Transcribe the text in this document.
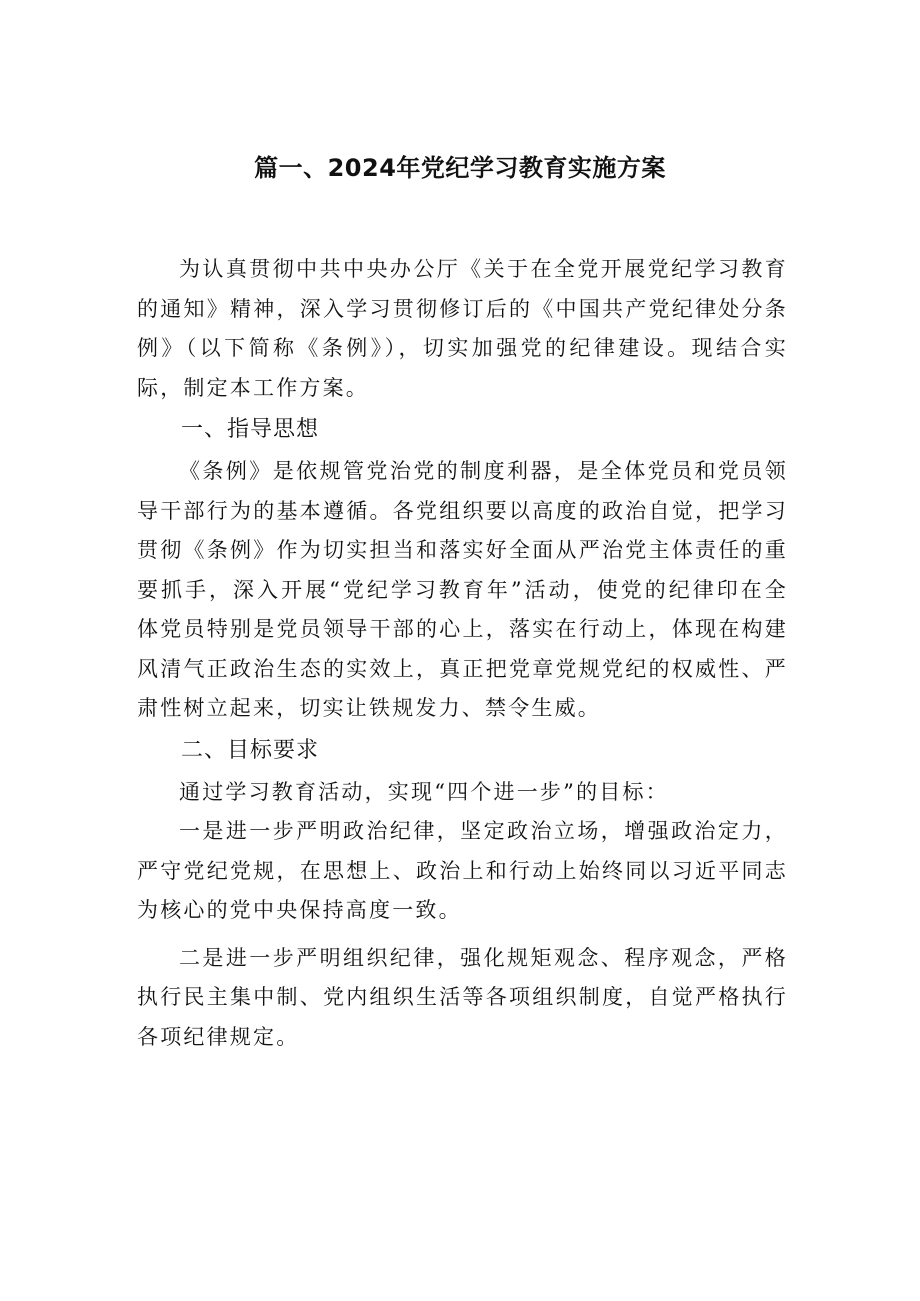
篇一、2024年党纪学习教育实施方案

为认真贯彻中共中央办公厅《关于在全党开展党纪学习教育的通知》精神，深入学习贯彻修订后的《中国共产党纪律处分条例》（以下简称《条例》），切实加强党的纪律建设。现结合实际，制定本工作方案。

一、指导思想

《条例》是依规管党治党的制度利器，是全体党员和党员领导干部行为的基本遵循。各党组织要以高度的政治自觉，把学习贯彻《条例》作为切实担当和落实好全面从严治党主体责任的重要抓手，深入开展“党纪学习教育年”活动，使党的纪律印在全体党员特别是党员领导干部的心上，落实在行动上，体现在构建风清气正政治生态的实效上，真正把党章党规党纪的权威性、严肃性树立起来，切实让铁规发力、禁令生威。

二、目标要求

通过学习教育活动，实现“四个进一步”的目标：

一是进一步严明政治纪律，坚定政治立场，增强政治定力，严守党纪党规，在思想上、政治上和行动上始终同以习近平同志为核心的党中央保持高度一致。

二是进一步严明组织纪律，强化规矩观念、程序观念，严格执行民主集中制、党内组织生活等各项组织制度，自觉严格执行各项纪律规定。
